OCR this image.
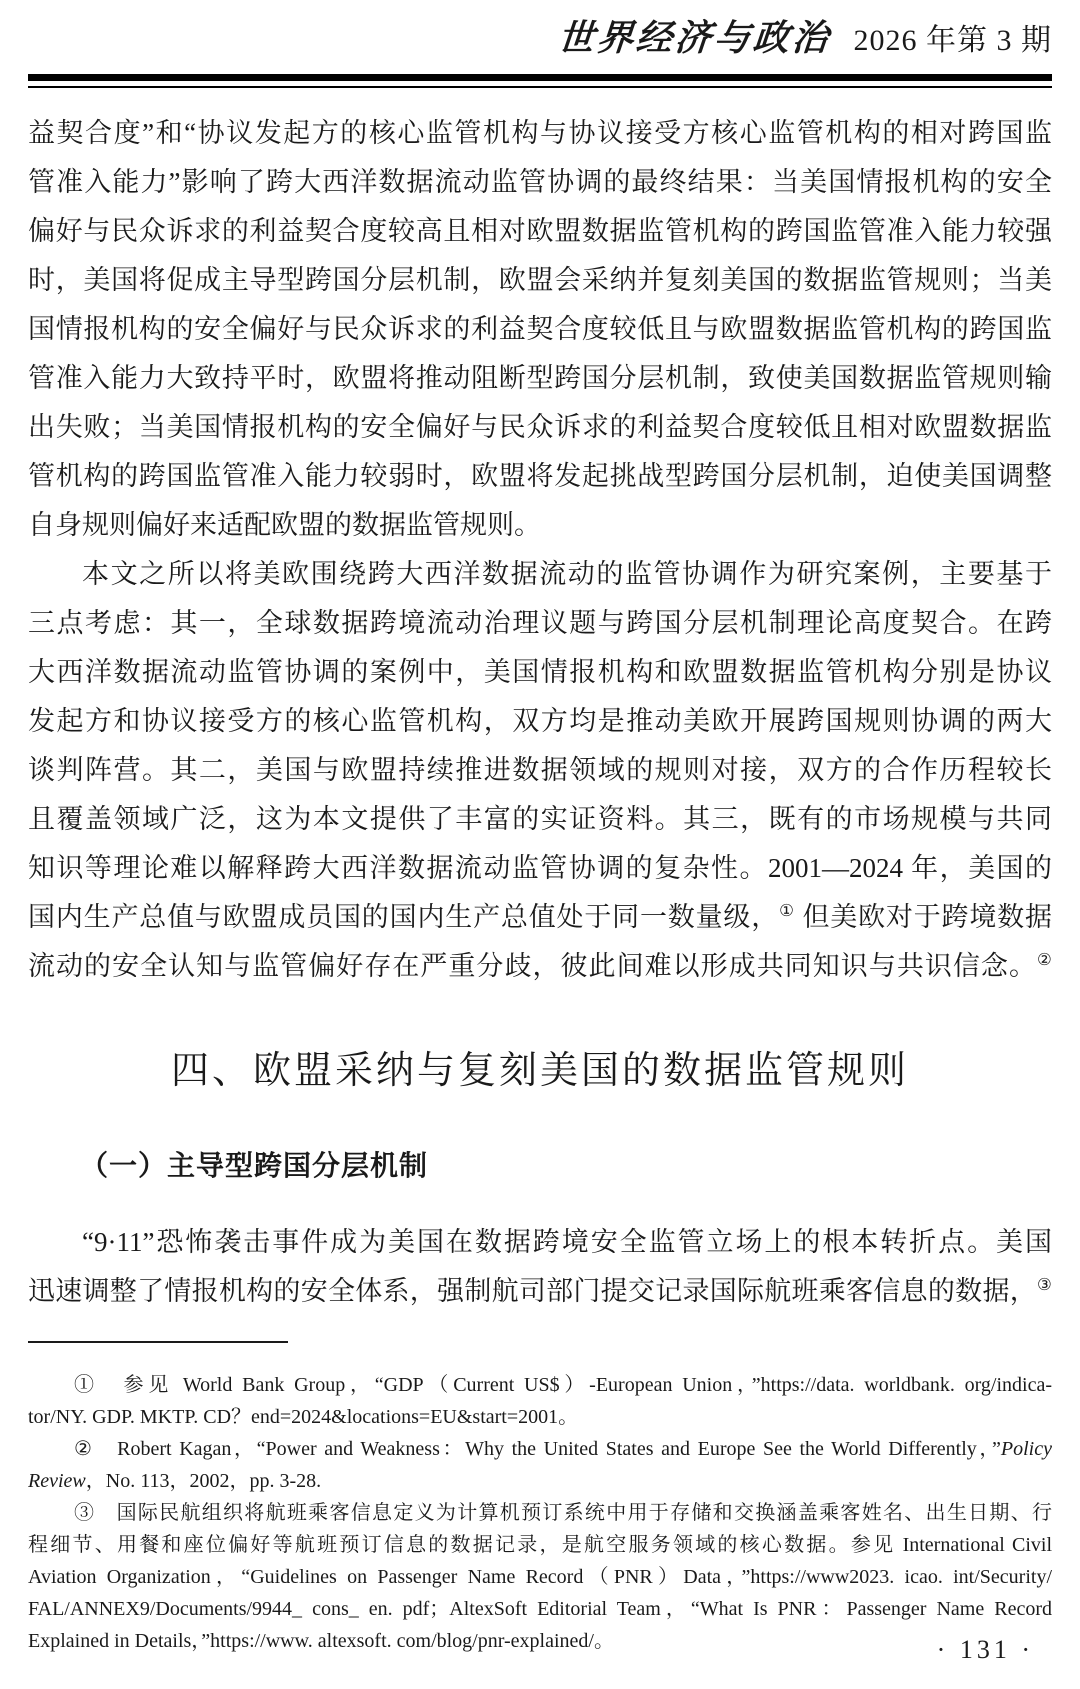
世界经济与政治 2026 年第 3 期
益契合度”和“协议发起方的核心监管机构与协议接受方核心监管机构的相对跨国监
管准入能力”影响了跨大西洋数据流动监管协调的最终结果：当美国情报机构的安全
偏好与民众诉求的利益契合度较高且相对欧盟数据监管机构的跨国监管准入能力较强
时，美国将促成主导型跨国分层机制，欧盟会采纳并复刻美国的数据监管规则；当美
国情报机构的安全偏好与民众诉求的利益契合度较低且与欧盟数据监管机构的跨国监
管准入能力大致持平时，欧盟将推动阻断型跨国分层机制，致使美国数据监管规则输
出失败；当美国情报机构的安全偏好与民众诉求的利益契合度较低且相对欧盟数据监
管机构的跨国监管准入能力较弱时，欧盟将发起挑战型跨国分层机制，迫使美国调整
自身规则偏好来适配欧盟的数据监管规则。
本文之所以将美欧围绕跨大西洋数据流动的监管协调作为研究案例，主要基于
三点考虑：其一，全球数据跨境流动治理议题与跨国分层机制理论高度契合。在跨
大西洋数据流动监管协调的案例中，美国情报机构和欧盟数据监管机构分别是协议
发起方和协议接受方的核心监管机构，双方均是推动美欧开展跨国规则协调的两大
谈判阵营。其二，美国与欧盟持续推进数据领域的规则对接，双方的合作历程较长
且覆盖领域广泛，这为本文提供了丰富的实证资料。其三，既有的市场规模与共同
知识等理论难以解释跨大西洋数据流动监管协调的复杂性。2001—2024 年，美国的
国内生产总值与欧盟成员国的国内生产总值处于同一数量级，① 但美欧对于跨境数据
流动的安全认知与监管偏好存在严重分歧，彼此间难以形成共同知识与共识信念。②
四、欧盟采纳与复刻美国的数据监管规则
（一）主导型跨国分层机制
“9·11”恐怖袭击事件成为美国在数据跨境安全监管立场上的根本转折点。美国
迅速调整了情报机构的安全体系，强制航司部门提交记录国际航班乘客信息的数据，③
①　参见 World Bank Group，“GDP（Current US$）-European Union，”https://data. worldbank. org/indica-
tor/NY. GDP. MKTP. CD？end=2024&locations=EU&start=2001。
②　Robert Kagan，“Power and Weakness：Why the United States and Europe See the World Differently，”Policy
Review，No. 113，2002，pp. 3-28.
③　国际民航组织将航班乘客信息定义为计算机预订系统中用于存储和交换涵盖乘客姓名、出生日期、行
程细节、用餐和座位偏好等航班预订信息的数据记录，是航空服务领域的核心数据。参见 International Civil
Aviation Organization，“Guidelines on Passenger Name Record（PNR）Data，”https://www2023. icao. int/Security/
FAL/ANNEX9/Documents/9944_ cons_ en. pdf；AltexSoft Editorial Team，“What Is PNR：Passenger Name Record
Explained in Details，”https://www. altexsoft. com/blog/pnr-explained/。	· 131 ·
